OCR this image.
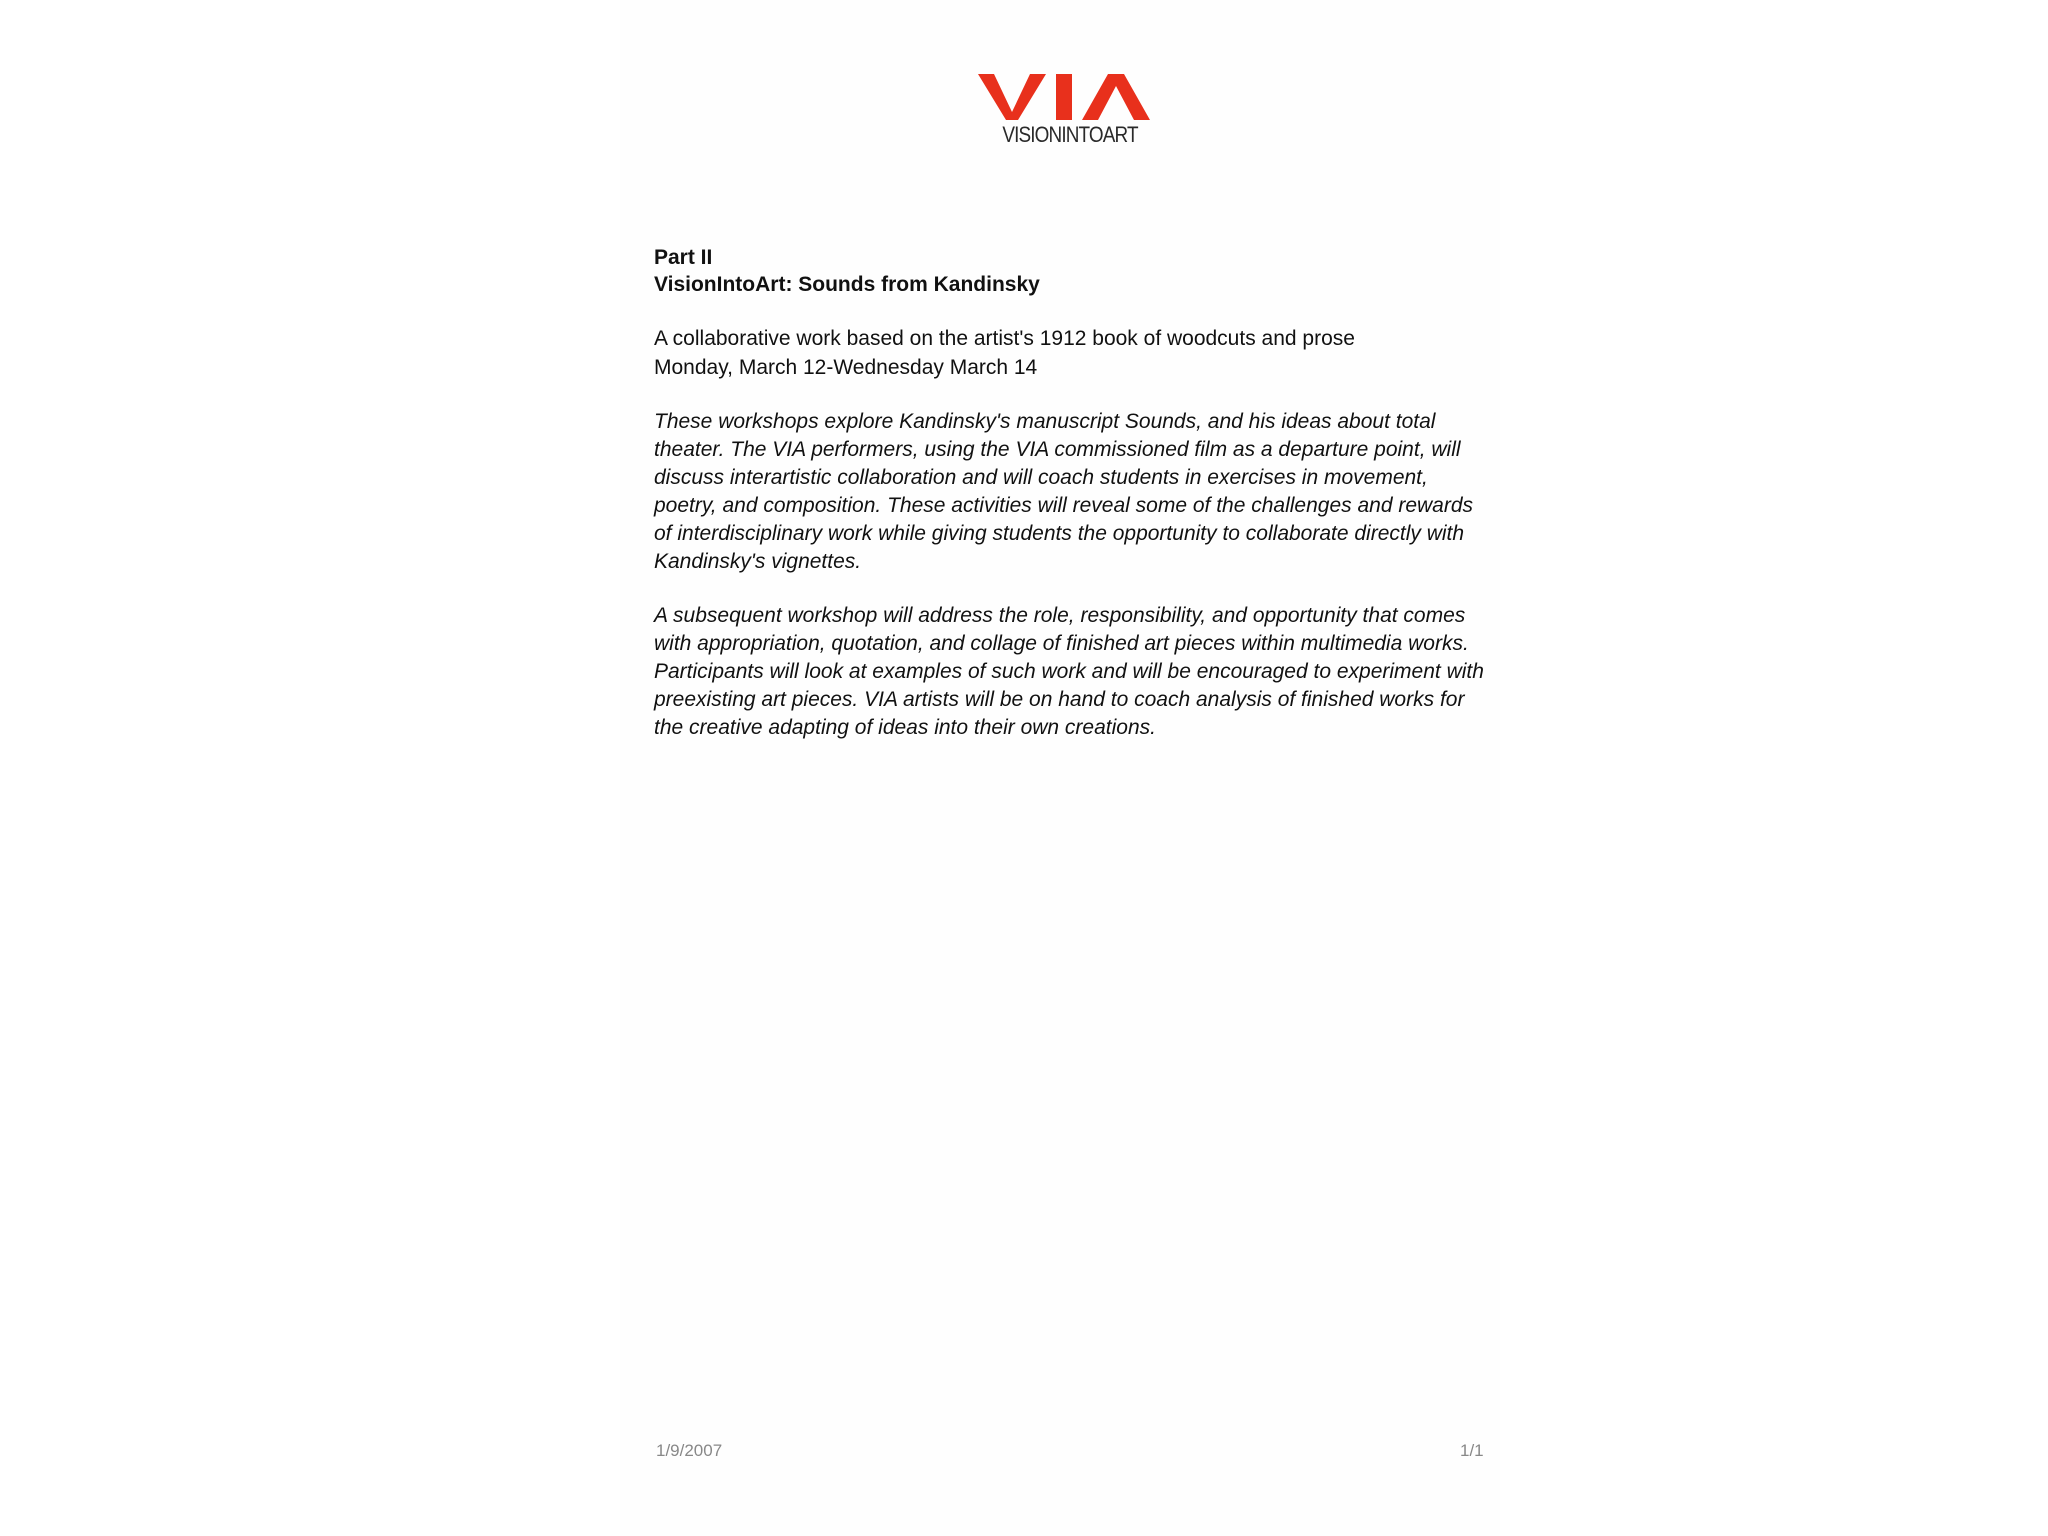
VISIONINTOART

Part II

VisionIntoArt: Sounds from Kandinsky

A collaborative work based on the artist's 1912 book of woodcuts and prose

Monday, March 12-Wednesday March 14

These workshops explore Kandinsky's manuscript Sounds, and his ideas about total theater. The VIA performers, using the VIA commissioned film as a departure point, will discuss interartistic collaboration and will coach students in exercises in movement, poetry, and composition. These activities will reveal some of the challenges and rewards of interdisciplinary work while giving students the opportunity to collaborate directly with Kandinsky's vignettes.

A subsequent workshop will address the role, responsibility, and opportunity that comes with appropriation, quotation, and collage of finished art pieces within multimedia works. Participants will look at examples of such work and will be encouraged to experiment with preexisting art pieces. VIA artists will be on hand to coach analysis of finished works for the creative adapting of ideas into their own creations.

1/9/2007	1/1
